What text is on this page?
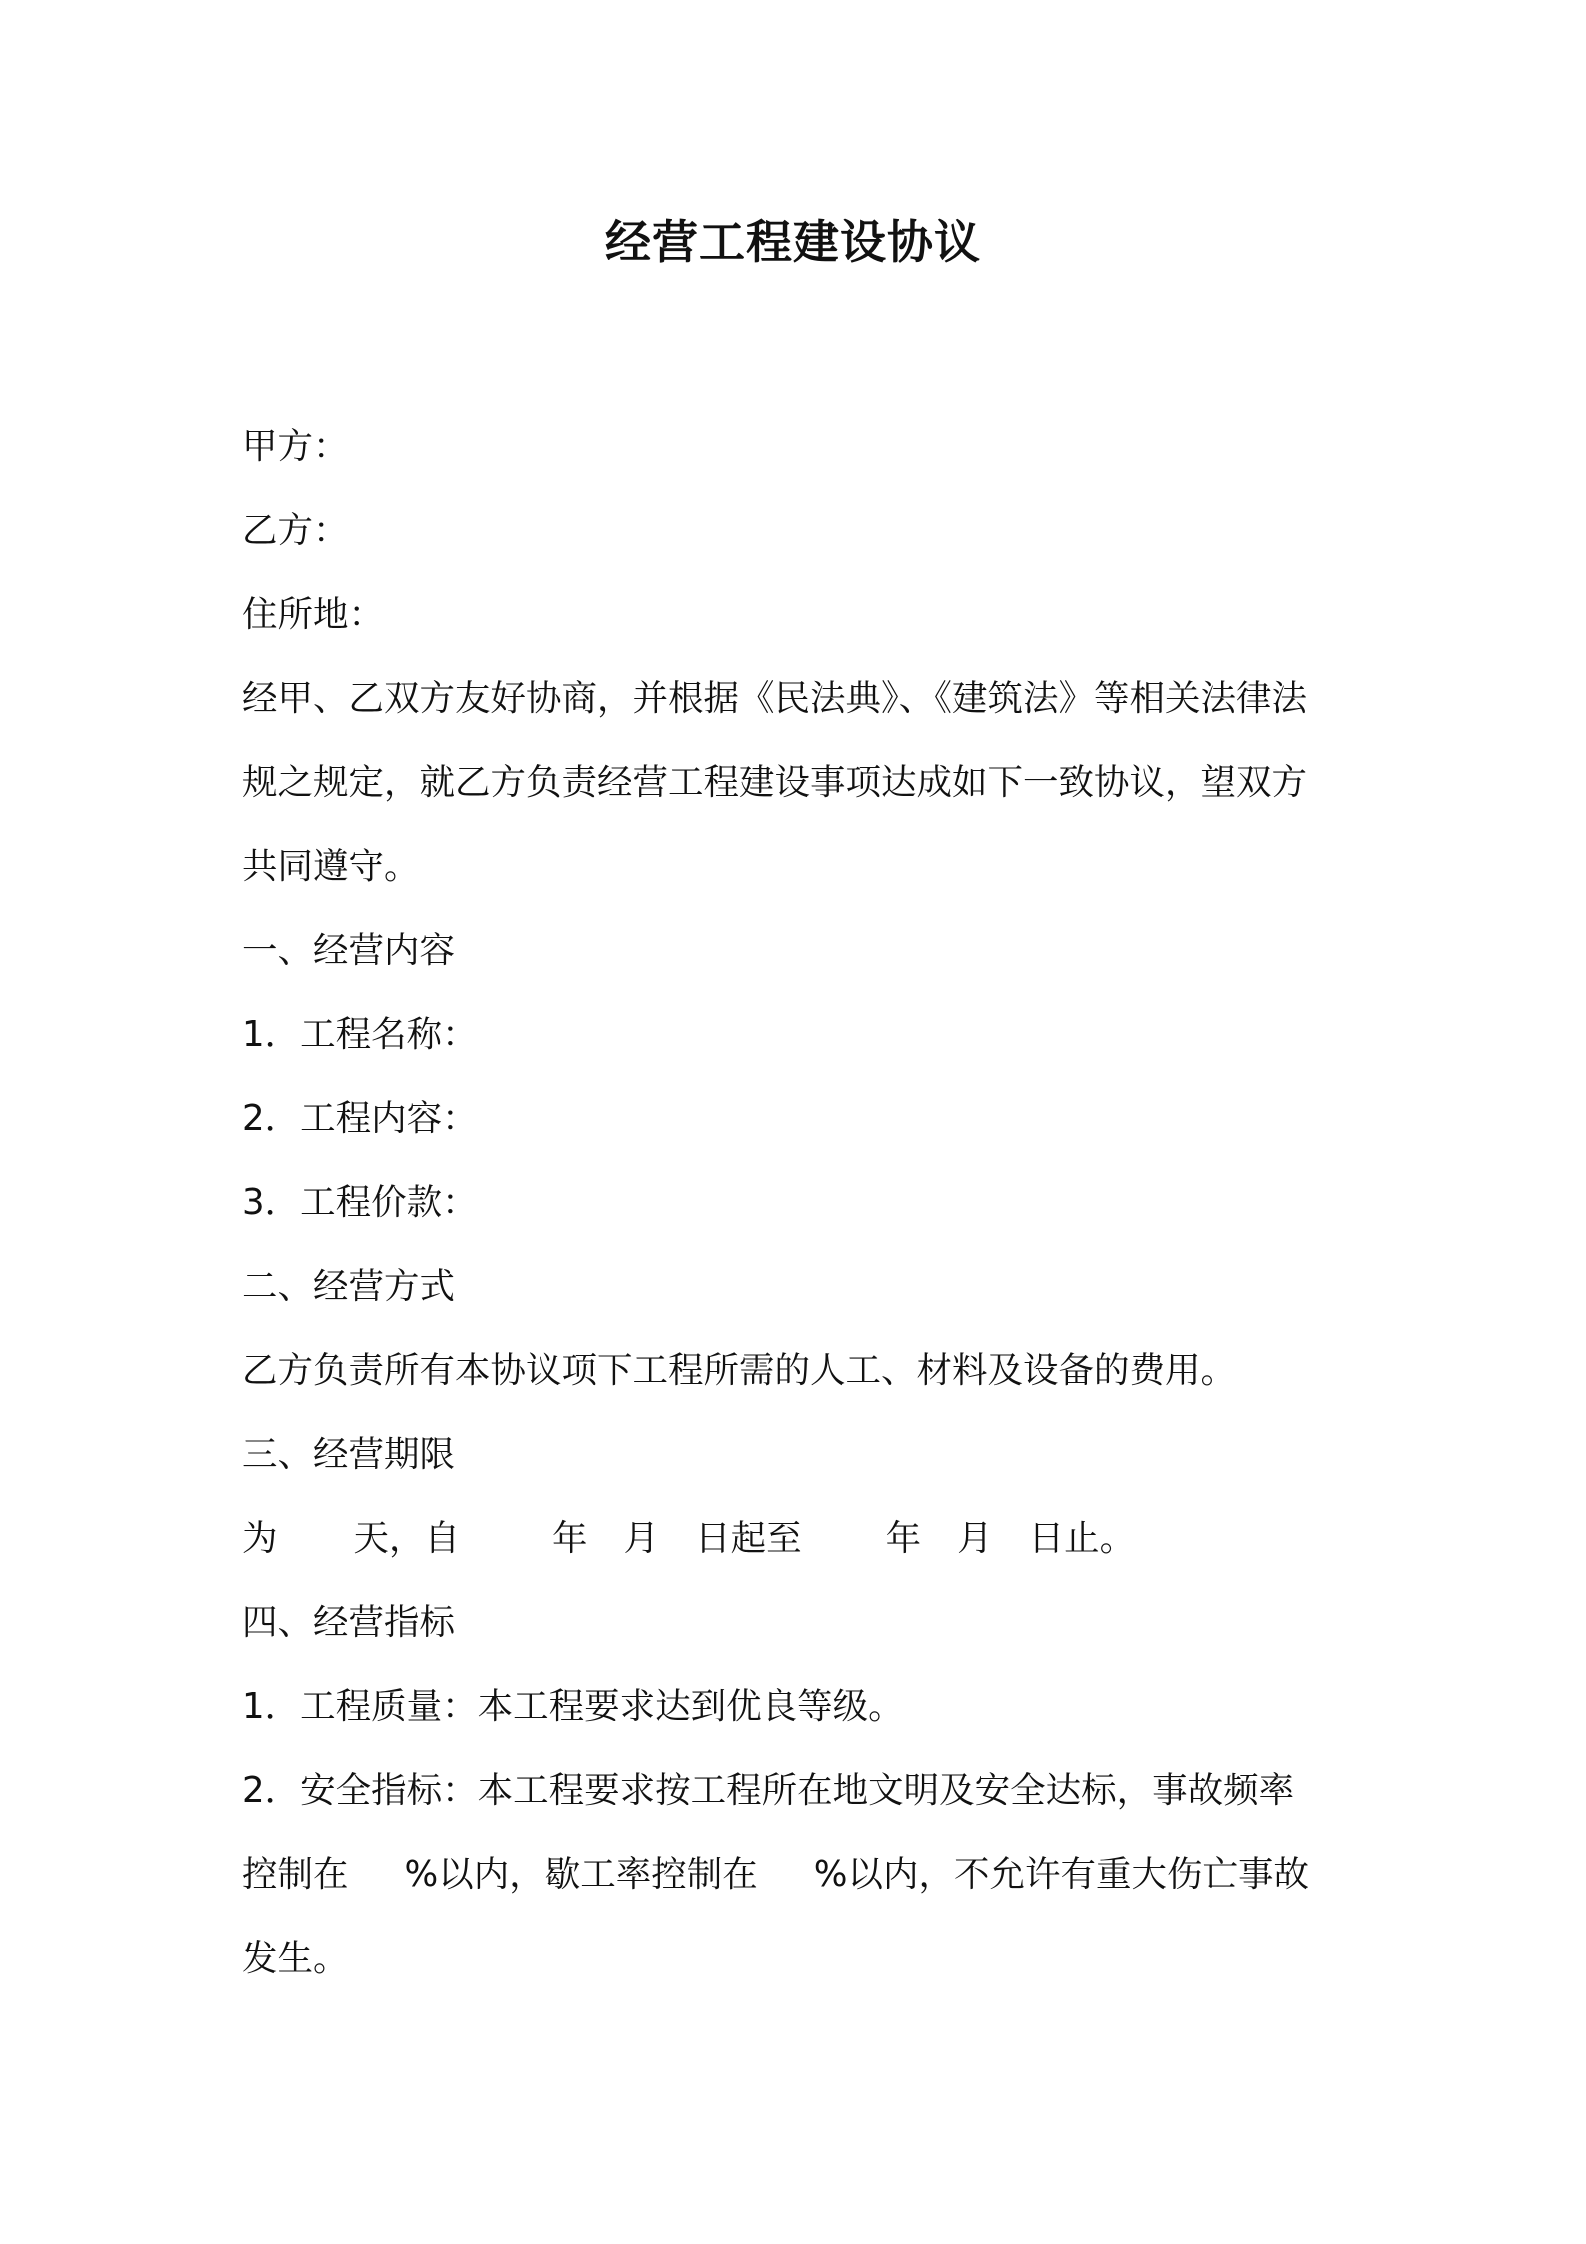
经营工程建设协议
甲方：
乙方：
住所地：
经甲、乙双方友好协商，并根据《民法典》、《建筑法》等相关法律法
规之规定，就乙方负责经营工程建设事项达成如下一致协议，望双方
共同遵守。
一、经营内容
1．工程名称：
2．工程内容：
3．工程价款：
二、经营方式
乙方负责所有本协议项下工程所需的人工、材料及设备的费用。
三、经营期限
为 天，自	年 月 日起至 年 月 日止。
四、经营指标
1．工程质量：本工程要求达到优良等级。
2．安全指标：本工程要求按工程所在地文明及安全达标，事故频率
控制在 %以内，歇工率控制在 %以内，不允许有重大伤亡事故
发生。
